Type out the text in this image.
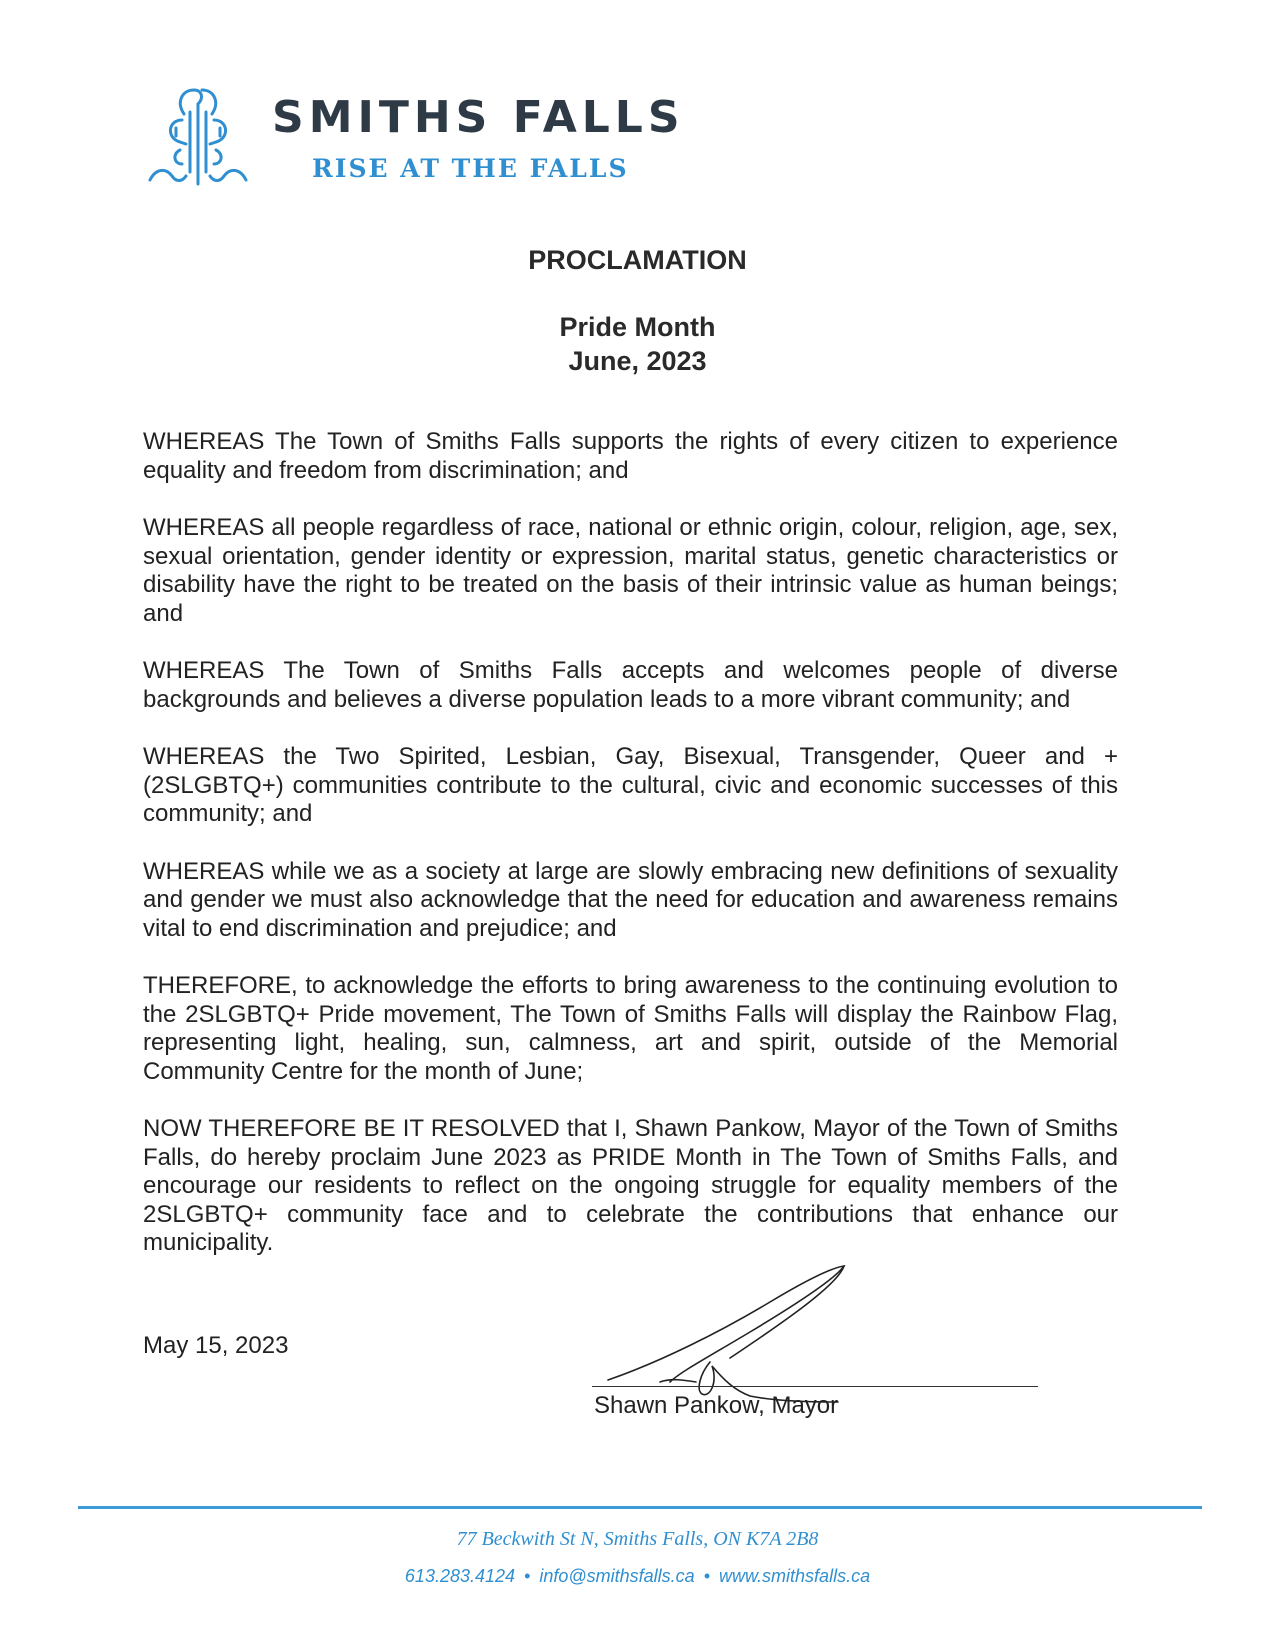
SMITHS FALLS
RISE AT THE FALLS
PROCLAMATION
Pride Month
June, 2023

WHEREAS The Town of Smiths Falls supports the rights of every citizen to experience equality and freedom from discrimination; and

WHEREAS all people regardless of race, national or ethnic origin, colour, religion, age, sex, sexual orientation, gender identity or expression, marital status, genetic characteristics or disability have the right to be treated on the basis of their intrinsic value as human beings; and

WHEREAS The Town of Smiths Falls accepts and welcomes people of diverse backgrounds and believes a diverse population leads to a more vibrant community; and

WHEREAS the Two Spirited, Lesbian, Gay, Bisexual, Transgender, Queer and + (2SLGBTQ+) communities contribute to the cultural, civic and economic successes of this community; and

WHEREAS while we as a society at large are slowly embracing new definitions of sexuality and gender we must also acknowledge that the need for education and awareness remains vital to end discrimination and prejudice; and

THEREFORE, to acknowledge the efforts to bring awareness to the continuing evolution to the 2SLGBTQ+ Pride movement, The Town of Smiths Falls will display the Rainbow Flag, representing light, healing, sun, calmness, art and spirit, outside of the Memorial Community Centre for the month of June;

NOW THEREFORE BE IT RESOLVED that I, Shawn Pankow, Mayor of the Town of Smiths Falls, do hereby proclaim June 2023 as PRIDE Month in The Town of Smiths Falls, and encourage our residents to reflect on the ongoing struggle for equality members of the 2SLGBTQ+ community face and to celebrate the contributions that enhance our municipality.

May 15, 2023
Shawn Pankow, Mayor
77 Beckwith St N, Smiths Falls, ON K7A 2B8
613.283.4124 • info@smithsfalls.ca • www.smithsfalls.ca
